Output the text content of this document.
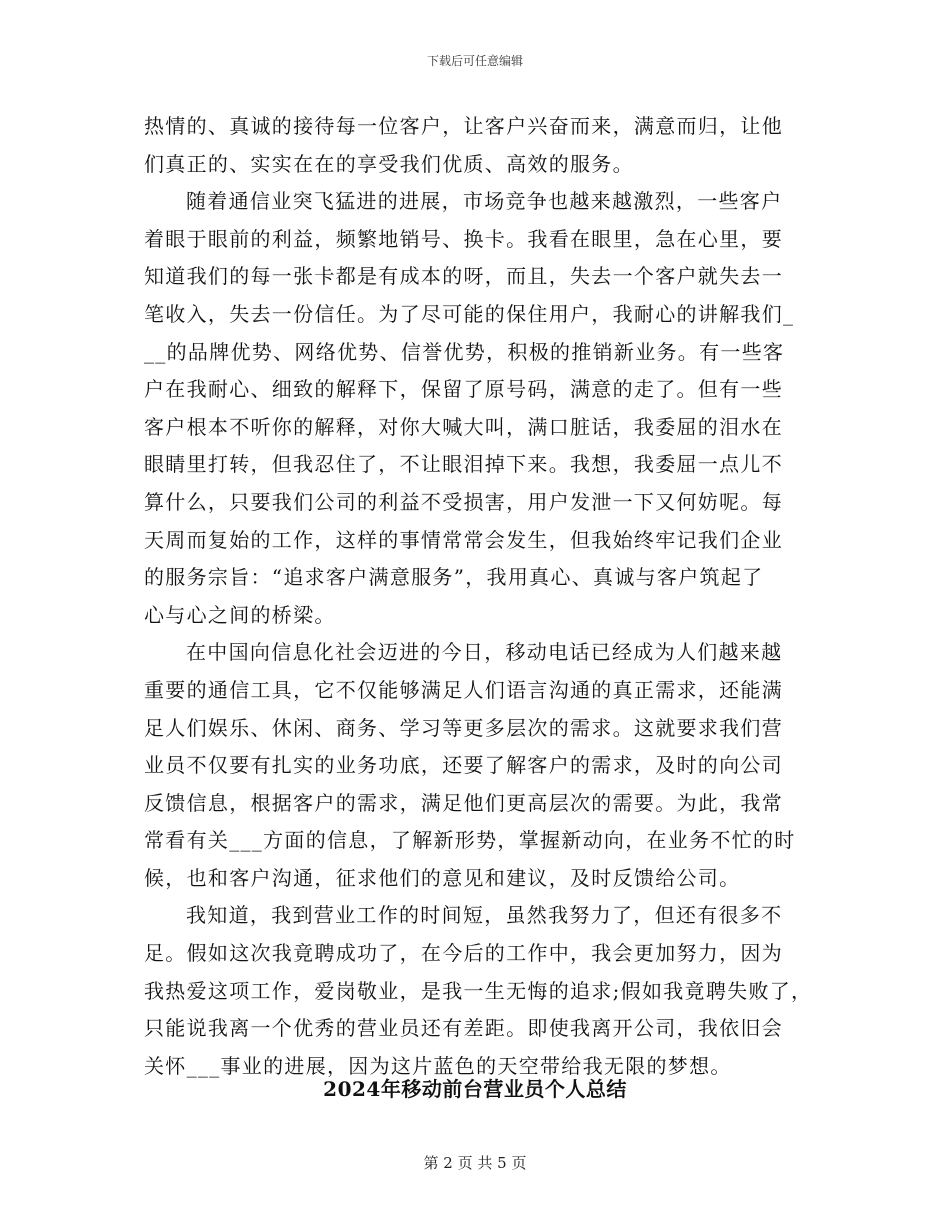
下载后可任意编辑
热情的、真诚的接待每一位客户，让客户兴奋而来，满意而归，让他
们真正的、实实在在的享受我们优质、高效的服务。
随着通信业突飞猛进的进展，市场竞争也越来越激烈，一些客户
着眼于眼前的利益，频繁地销号、换卡。我看在眼里，急在心里，要
知道我们的每一张卡都是有成本的呀，而且，失去一个客户就失去一
笔收入，失去一份信任。为了尽可能的保住用户，我耐心的讲解我们_
__的品牌优势、网络优势、信誉优势，积极的推销新业务。有一些客
户在我耐心、细致的解释下，保留了原号码，满意的走了。但有一些
客户根本不听你的解释，对你大喊大叫，满口脏话，我委屈的泪水在
眼睛里打转，但我忍住了，不让眼泪掉下来。我想，我委屈一点儿不
算什么，只要我们公司的利益不受损害，用户发泄一下又何妨呢。每
天周而复始的工作，这样的事情常常会发生，但我始终牢记我们企业
的服务宗旨：“追求客户满意服务”，我用真心、真诚与客户筑起了
心与心之间的桥梁。
在中国向信息化社会迈进的今日，移动电话已经成为人们越来越
重要的通信工具，它不仅能够满足人们语言沟通的真正需求，还能满
足人们娱乐、休闲、商务、学习等更多层次的需求。这就要求我们营
业员不仅要有扎实的业务功底，还要了解客户的需求，及时的向公司
反馈信息，根据客户的需求，满足他们更高层次的需要。为此，我常
常看有关___方面的信息，了解新形势，掌握新动向，在业务不忙的时
候，也和客户沟通，征求他们的意见和建议，及时反馈给公司。
我知道，我到营业工作的时间短，虽然我努力了，但还有很多不
足。假如这次我竟聘成功了，在今后的工作中，我会更加努力，因为
我热爱这项工作，爱岗敬业，是我一生无悔的追求;假如我竟聘失败了，
只能说我离一个优秀的营业员还有差距。即使我离开公司，我依旧会
关怀___事业的进展，因为这片蓝色的天空带给我无限的梦想。
2024年移动前台营业员个人总结
第 2 页 共 5 页
